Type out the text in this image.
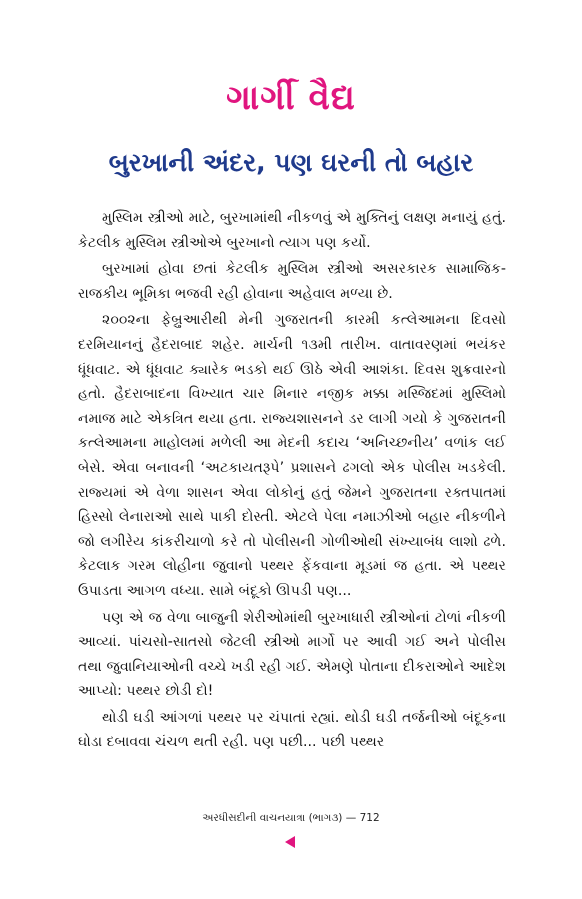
ગાર્ગી વૈદ્ય
બુરખાની અંદર, પણ ઘરની તો બહાર

મુસ્લિમ સ્ત્રીઓ માટે, બુરખામાંથી નીકળવું એ મુક્તિનું લક્ષણ મનાયું હતું. કેટલીક મુસ્લિમ સ્ત્રીઓએ બુરખાનો ત્યાગ પણ કર્યો.

બુરખામાં હોવા છતાં કેટલીક મુસ્લિમ સ્ત્રીઓ અસરકારક સામાજિક-રાજકીય ભૂમિકા ભજવી રહી હોવાના અહેવાલ મળ્યા છે.

૨૦૦૨ના ફેબ્રુઆરીથી મેની ગુજરાતની કારમી કત્લેઆમના દિવસો દરમિયાનનું હૈદરાબાદ શહેર. માર્ચની ૧૩મી તારીખ. વાતાવરણમાં ભયંકર ધૂંધવાટ. એ ધૂંધવાટ ક્યારેક ભડકો થઈ ઊઠે એવી આશંકા. દિવસ શુક્રવારનો હતો. હૈદરાબાદના વિખ્યાત ચાર મિનાર નજીક મક્કા મસ્જિદમાં મુસ્લિમો નમાજ માટે એકત્રિત થયા હતા. રાજ્યશાસનને ડર લાગી ગયો કે ગુજરાતની કત્લેઆમના માહોલમાં મળેલી આ મેદની કદાચ ‘અનિચ્છનીય’ વળાંક લઈ બેસે. એવા બનાવની ‘અટકાયતરૂપે’ પ્રશાસને ઢગલો એક પોલીસ ખડકેલી. રાજ્યમાં એ વેળા શાસન એવા લોકોનું હતું જેમને ગુજરાતના રક્તપાતમાં હિસ્સો લેનારાઓ સાથે પાકી દોસ્તી. એટલે પેલા નમાઝીઓ બહાર નીકળીને જો લગીરેય કાંકરીચાળો કરે તો પોલીસની ગોળીઓથી સંખ્યાબંધ લાશો ઢળે. કેટલાક ગરમ લોહીના જુવાનો પથ્થર ફેંકવાના મૂડમાં જ હતા. એ પથ્થર ઉપાડતા આગળ વધ્યા. સામે બંદૂકો ઊપડી પણ...

પણ એ જ વેળા બાજુની શેરીઓમાંથી બુરખાધારી સ્ત્રીઓનાં ટોળાં નીકળી આવ્યાં. પાંચસો-સાતસો જેટલી સ્ત્રીઓ માર્ગો પર આવી ગઈ અને પોલીસ તથા જુવાનિયાઓની વચ્ચે ખડી રહી ગઈ. એમણે પોતાના દીકરાઓને આદેશ આપ્યો: પથ્થર છોડી દો!

થોડી ઘડી આંગળાં પથ્થર પર ચંપાતાં રહ્યાં. થોડી ઘડી તર્જનીઓ બંદૂકના ઘોડા દબાવવા ચંચળ થતી રહી. પણ પછી... પછી પથ્થર

અરધીસદીની વાચનયાત્રા (ભાગ૩) — 712
